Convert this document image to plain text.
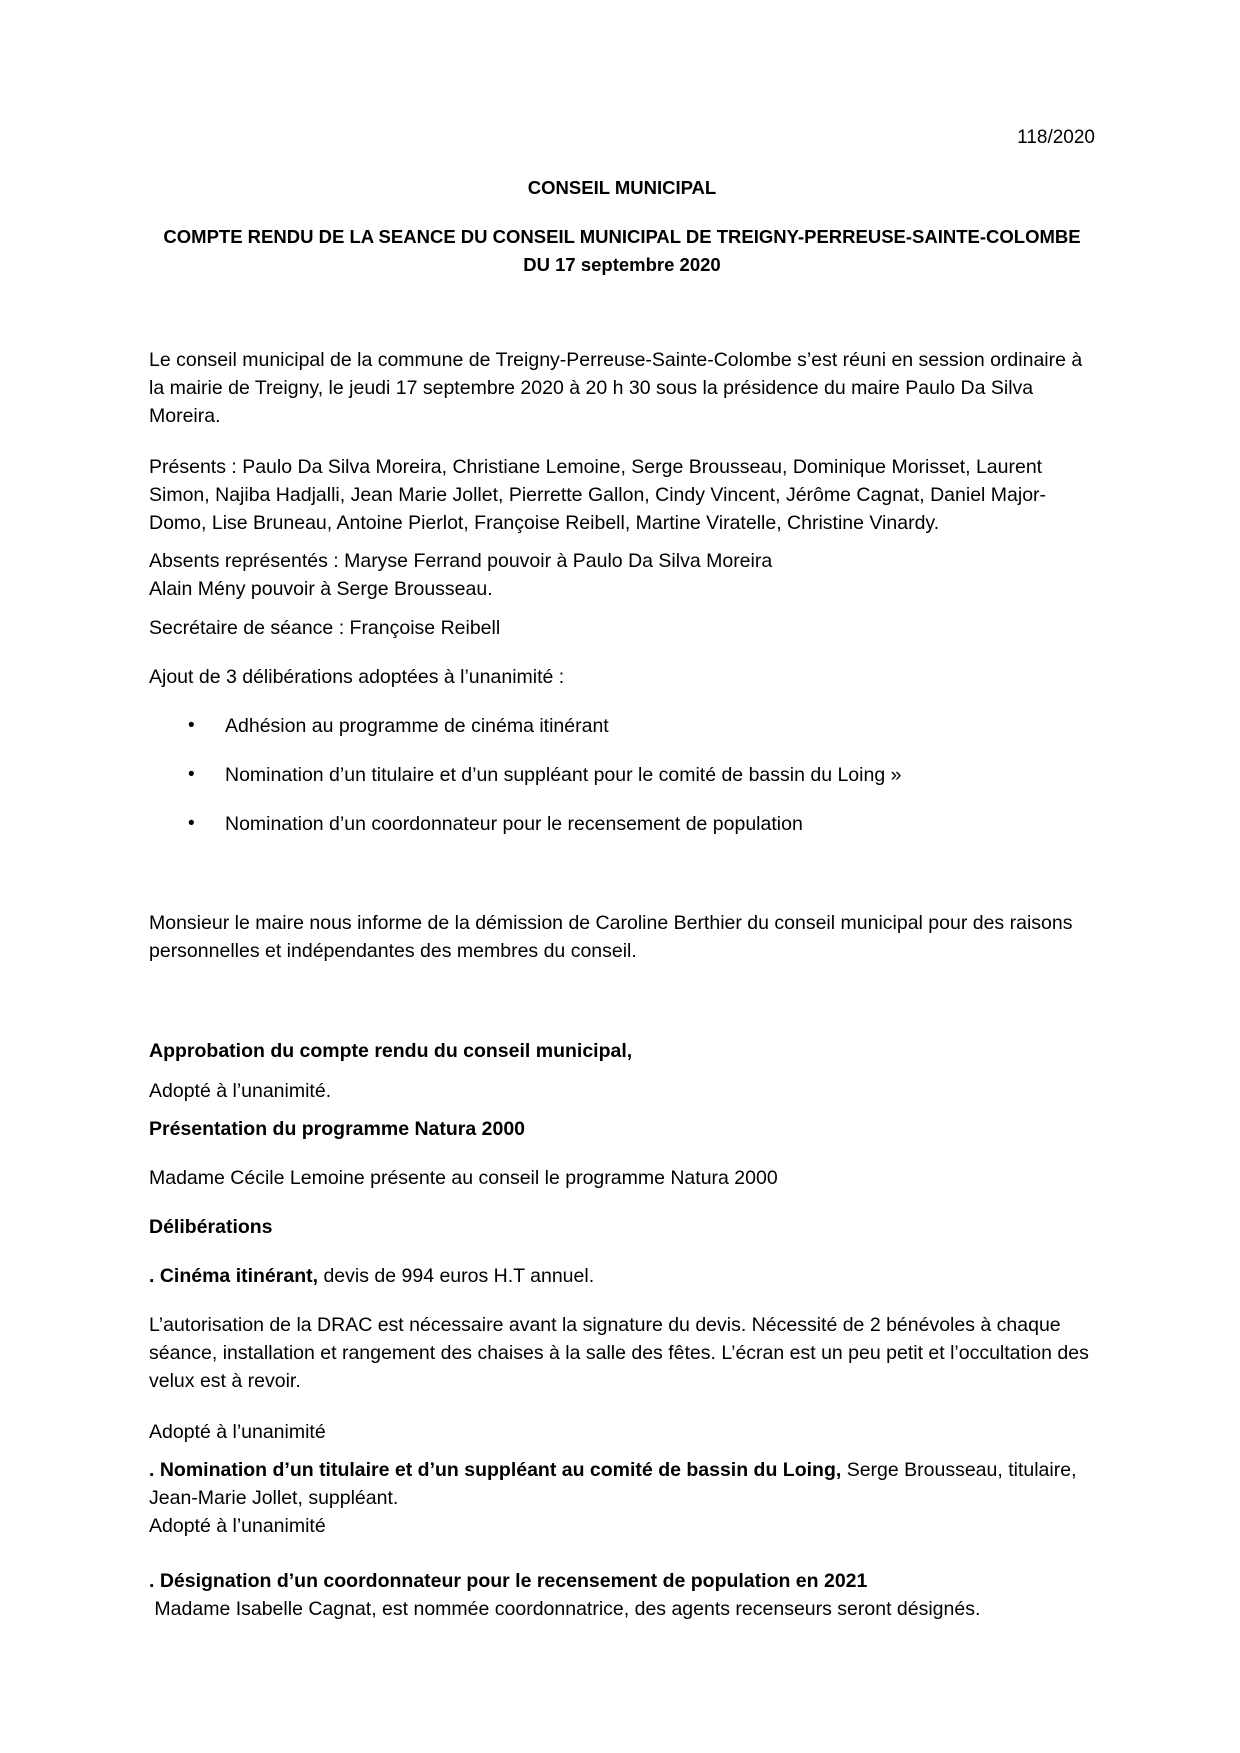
118/2020
CONSEIL MUNICIPAL
COMPTE RENDU DE LA SEANCE DU CONSEIL MUNICIPAL DE TREIGNY-PERREUSE-SAINTE-COLOMBE
DU 17 septembre 2020
Le conseil municipal de la commune de Treigny-Perreuse-Sainte-Colombe s’est réuni en session ordinaire à la mairie de Treigny, le jeudi 17 septembre 2020 à 20 h 30 sous la présidence du maire Paulo Da Silva Moreira.
Présents : Paulo Da Silva Moreira, Christiane Lemoine, Serge Brousseau, Dominique Morisset, Laurent Simon, Najiba Hadjalli, Jean Marie Jollet, Pierrette Gallon, Cindy Vincent, Jérôme Cagnat, Daniel Major-Domo, Lise Bruneau, Antoine Pierlot, Françoise Reibell, Martine Viratelle, Christine Vinardy.
Absents représentés : Maryse Ferrand pouvoir à Paulo Da Silva Moreira
Alain Mény pouvoir à Serge Brousseau.
Secrétaire de séance : Françoise Reibell
Ajout de 3 délibérations adoptées à l’unanimité :
• Adhésion au programme de cinéma itinérant
• Nomination d’un titulaire et d’un suppléant pour le comité de bassin du Loing »
• Nomination d’un coordonnateur pour le recensement de population
Monsieur le maire nous informe de la démission de Caroline Berthier du conseil municipal pour des raisons personnelles et indépendantes des membres du conseil.
Approbation du compte rendu du conseil municipal,
Adopté à l’unanimité.
Présentation du programme Natura 2000
Madame Cécile Lemoine présente au conseil le programme Natura 2000
Délibérations
. Cinéma itinérant, devis de 994 euros H.T annuel.
L’autorisation de la DRAC est nécessaire avant la signature du devis. Nécessité de 2 bénévoles à chaque séance, installation et rangement des chaises à la salle des fêtes. L’écran est un peu petit et l’occultation des velux est à revoir.
Adopté à l’unanimité
. Nomination d’un titulaire et d’un suppléant au comité de bassin du Loing, Serge Brousseau, titulaire, Jean-Marie Jollet, suppléant.
Adopté à l’unanimité
. Désignation d’un coordonnateur pour le recensement de population en 2021
Madame Isabelle Cagnat, est nommée coordonnatrice, des agents recenseurs seront désignés.
